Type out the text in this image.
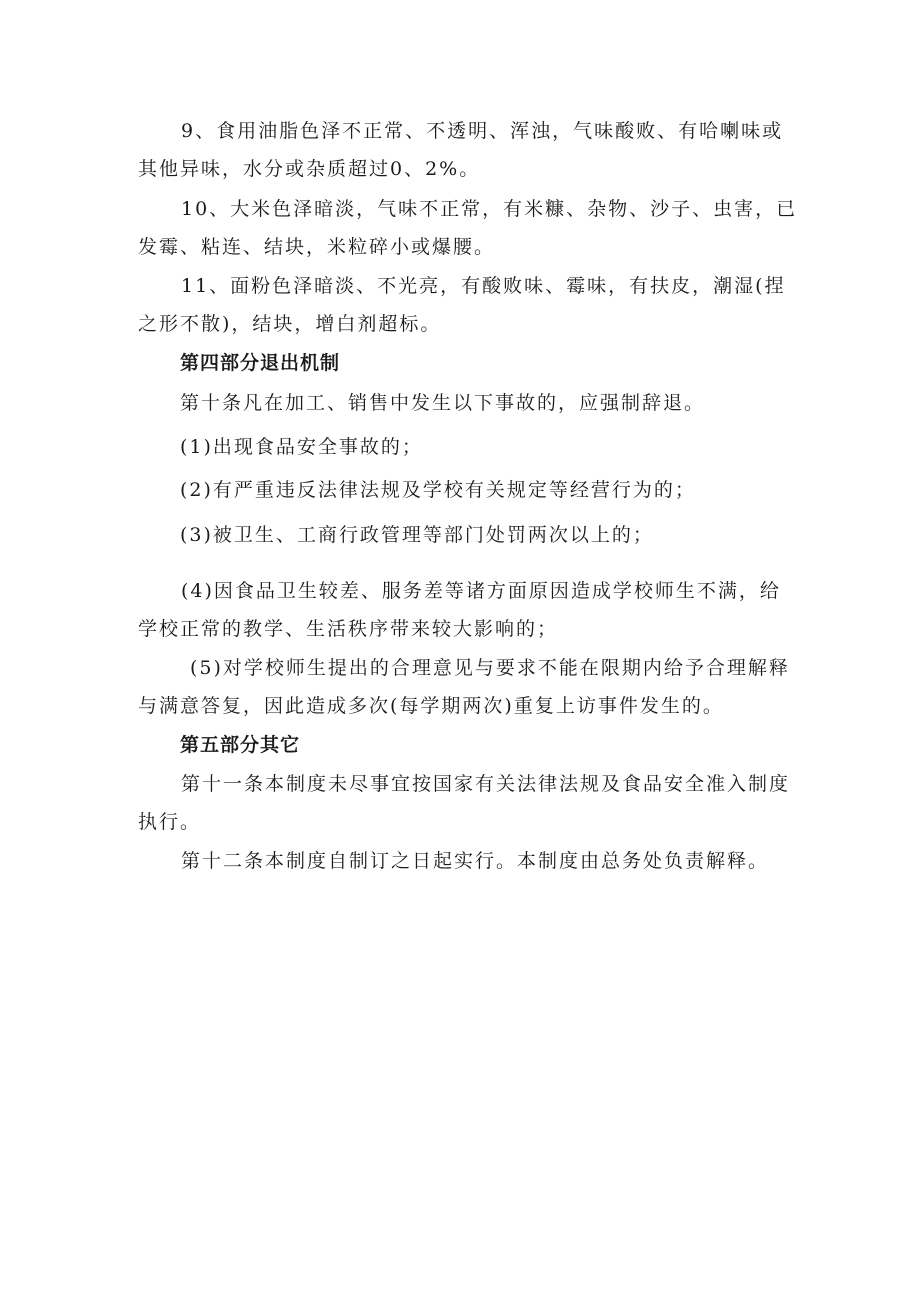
9、食用油脂色泽不正常、不透明、浑浊，气味酸败、有哈喇味或其他异味，水分或杂质超过0、2%。

10、大米色泽暗淡，气味不正常，有米糠、杂物、沙子、虫害，已发霉、粘连、结块，米粒碎小或爆腰。

11、面粉色泽暗淡、不光亮，有酸败味、霉味，有扶皮，潮湿(捏之形不散)，结块，增白剂超标。

第四部分退出机制

第十条凡在加工、销售中发生以下事故的，应强制辞退。

(1)出现食品安全事故的；

(2)有严重违反法律法规及学校有关规定等经营行为的；

(3)被卫生、工商行政管理等部门处罚两次以上的；

(4)因食品卫生较差、服务差等诸方面原因造成学校师生不满，给学校正常的教学、生活秩序带来较大影响的；

(5)对学校师生提出的合理意见与要求不能在限期内给予合理解释与满意答复，因此造成多次(每学期两次)重复上访事件发生的。

第五部分其它

第十一条本制度未尽事宜按国家有关法律法规及食品安全准入制度执行。

第十二条本制度自制订之日起实行。本制度由总务处负责解释。
